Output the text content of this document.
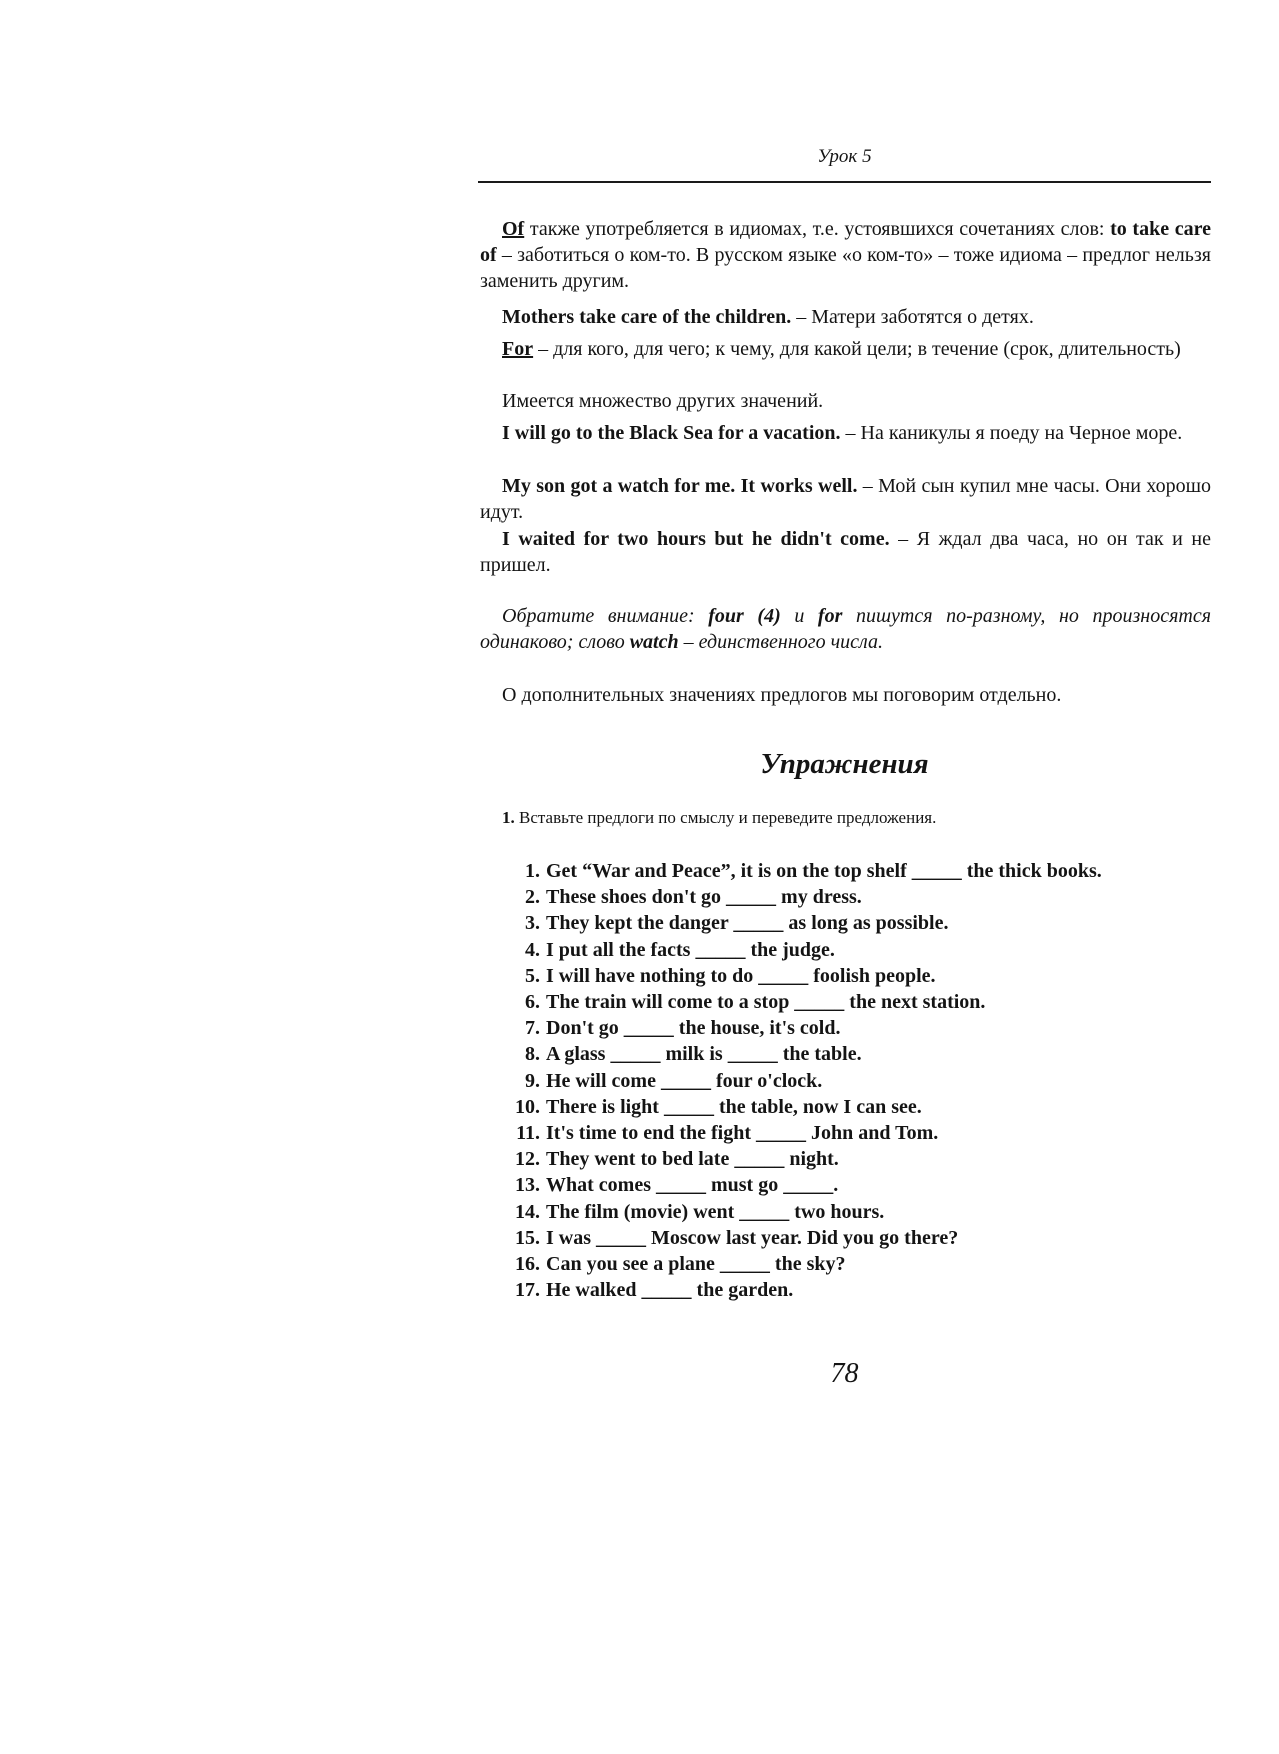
Урок 5

Of также употребляется в идиомах, т.е. устоявшихся сочетаниях слов: to take care of – заботиться о ком-то. В русском языке «о ком-то» – тоже идиома – предлог нельзя заменить другим.

Mothers take care of the children. – Матери заботятся о детях.

For – для кого, для чего; к чему, для какой цели; в течение (срок, длительность)

Имеется множество других значений.

I will go to the Black Sea for a vacation. – На каникулы я поеду на Черное море.

My son got a watch for me. It works well. – Мой сын купил мне часы. Они хорошо идут.

I waited for two hours but he didn't come. – Я ждал два часа, но он так и не пришел.

Обратите внимание: four (4) и for пишутся по-разному, но произносятся одинаково; слово watch – единственного числа.

О дополнительных значениях предлогов мы поговорим отдельно.

Упражнения

1. Вставьте предлоги по смыслу и переведите предложения.

1. Get “War and Peace”, it is on the top shelf _____ the thick books.
2. These shoes don't go _____ my dress.
3. They kept the danger _____ as long as possible.
4. I put all the facts _____ the judge.
5. I will have nothing to do _____ foolish people.
6. The train will come to a stop _____ the next station.
7. Don't go _____ the house, it's cold.
8. A glass _____ milk is _____ the table.
9. He will come _____ four o'clock.
10. There is light _____ the table, now I can see.
11. It's time to end the fight _____ John and Tom.
12. They went to bed late _____ night.
13. What comes _____ must go _____.
14. The film (movie) went _____ two hours.
15. I was _____ Moscow last year. Did you go there?
16. Can you see a plane _____ the sky?
17. He walked _____ the garden.
78
